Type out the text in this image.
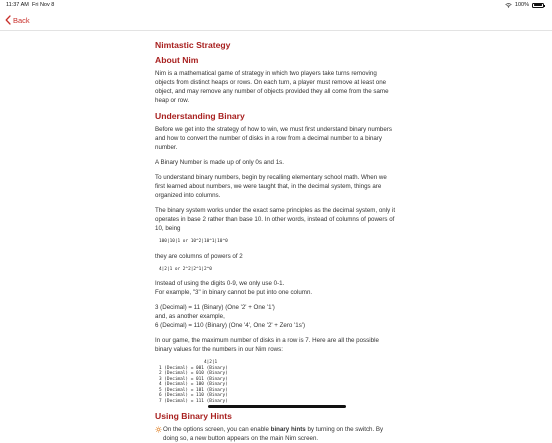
11:37 AM Fri Nov 8	100%
Back
Nimtastic Strategy
About Nim

Nim is a mathematical game of strategy in which two players take turns removing objects from distinct heaps or rows. On each turn, a player must remove at least one object, and may remove any number of objects provided they all come from the same heap or row.

Understanding Binary

Before we get into the strategy of how to win, we must first understand binary numbers and how to convert the number of disks in a row from a decimal number to a binary number.

A Binary Number is made up of only 0s and 1s.

To understand binary numbers, begin by recalling elementary school math. When we first learned about numbers, we were taught that, in the decimal system, things are organized into columns.

The binary system works under the exact same principles as the decimal system, only it operates in base 2 rather than base 10. In other words, instead of columns of powers of 10, being

100|10|1 or 10^2|10^1|10^0

they are columns of powers of 2

4|2|1 or 2^2|2^1|2^0

Instead of using the digits 0-9, we only use 0-1.
For example, "3" in binary cannot be put into one column.

3 (Decimal) = 11 (Binary) (One '2' + One '1')
and, as another example,
6 (Decimal) = 110 (Binary) (One '4', One '2' + Zero '1s')

In our game, the maximum number of disks in a row is 7. Here are all the possible binary values for the numbers in our Nim rows:

4|2|1
1 (Decimal) = 001 (Binary)
2 (Decimal) = 010 (Binary)
3 (Decimal) = 011 (Binary)
4 (Decimal) = 100 (Binary)
5 (Decimal) = 101 (Binary)
6 (Decimal) = 110 (Binary)
7 (Decimal) = 111 (Binary)
Using Binary Hints
On the options screen, you can enable binary hints by turning on the switch. By doing so, a new button appears on the main Nim screen.
